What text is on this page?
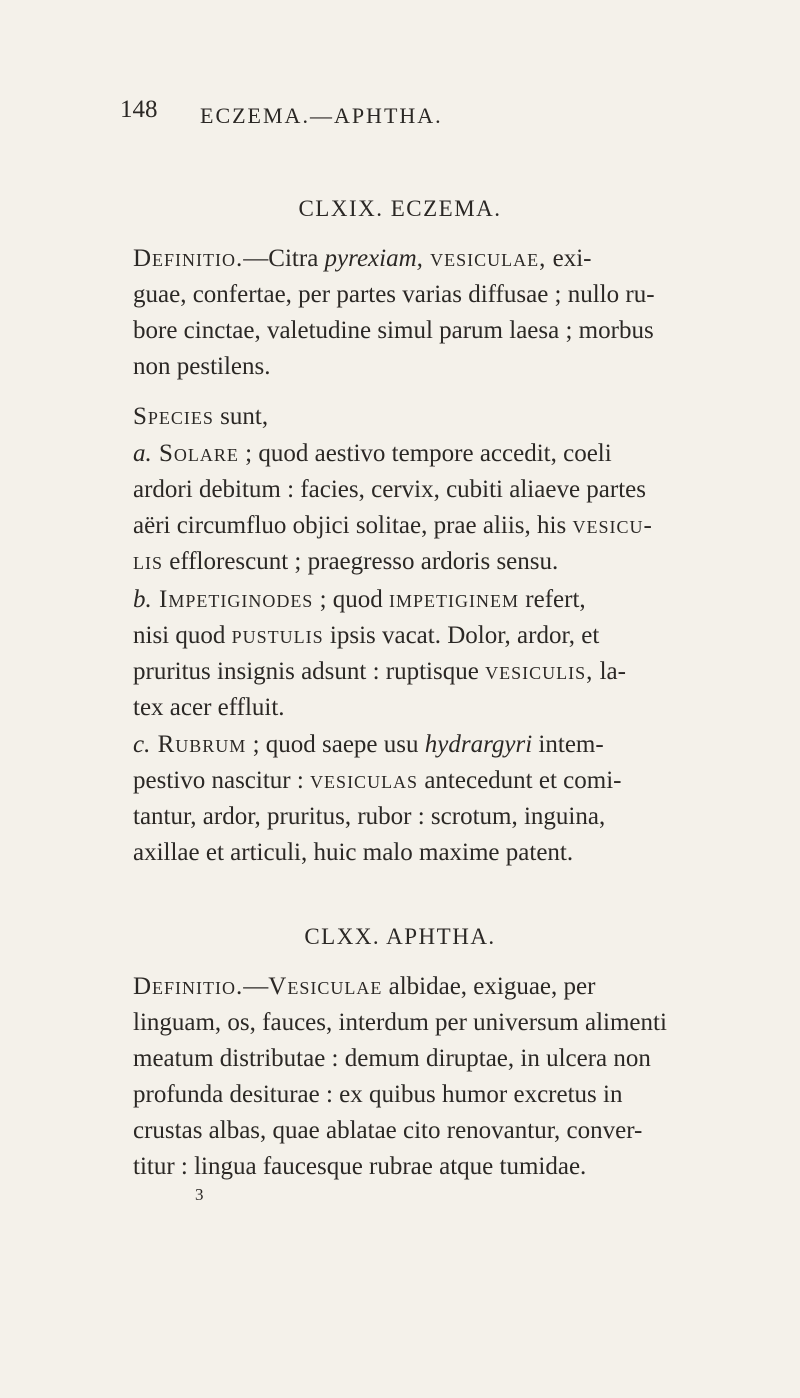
148 ECZEMA.—APHTHA.
CLXIX. ECZEMA.
Definitio.—Citra pyrexiam, vesiculae, exi-
guae, confertae, per partes varias diffusae ; nullo ru-
bore cinctae, valetudine simul parum laesa ; morbus
non pestilens.
Species sunt,
a. Solare ; quod aestivo tempore accedit, coeli
ardori debitum : facies, cervix, cubiti aliaeve partes
aëri circumfluo objici solitae, prae aliis, his vesicu-
lis efflorescunt ; praegresso ardoris sensu.
b. Impetiginodes ; quod impetiginem refert,
nisi quod pustulis ipsis vacat. Dolor, ardor, et
pruritus insignis adsunt : ruptisque vesiculis, la-
tex acer effluit.
c. Rubrum ; quod saepe usu hydrargyri intem-
pestivo nascitur : vesiculas antecedunt et comi-
tantur, ardor, pruritus, rubor : scrotum, inguina,
axillae et articuli, huic malo maxime patent.
CLXX. APHTHA.
Definitio.—Vesiculae albidae, exiguae, per
linguam, os, fauces, interdum per universum alimenti
meatum distributae : demum diruptae, in ulcera non
profunda desiturae : ex quibus humor excretus in
crustas albas, quae ablatae cito renovantur, conver-
titur : lingua faucesque rubrae atque tumidae.
3
